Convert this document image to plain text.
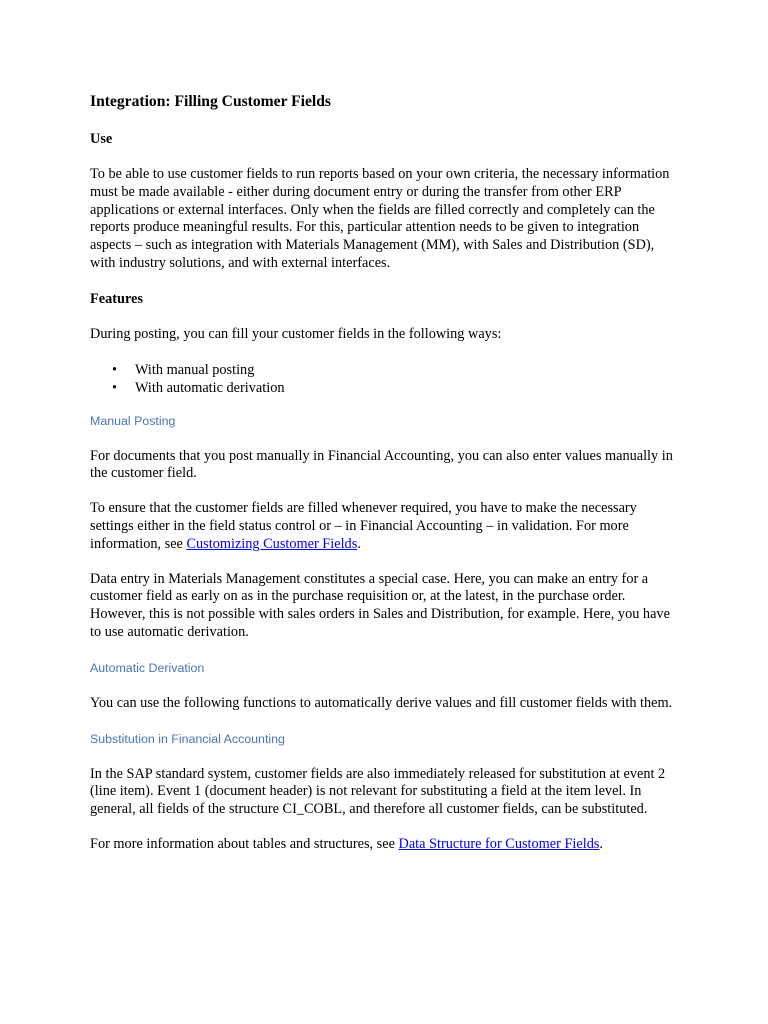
Integration: Filling Customer Fields
Use

To be able to use customer fields to run reports based on your own criteria, the necessary information must be made available - either during document entry or during the transfer from other ERP applications or external interfaces. Only when the fields are filled correctly and completely can the reports produce meaningful results. For this, particular attention needs to be given to integration aspects – such as integration with Materials Management (MM), with Sales and Distribution (SD), with industry solutions, and with external interfaces.

Features

During posting, you can fill your customer fields in the following ways:

• With manual posting
• With automatic derivation
Manual Posting

For documents that you post manually in Financial Accounting, you can also enter values manually in the customer field.

To ensure that the customer fields are filled whenever required, you have to make the necessary settings either in the field status control or – in Financial Accounting – in validation. For more information, see Customizing Customer Fields.

Data entry in Materials Management constitutes a special case. Here, you can make an entry for a customer field as early on as in the purchase requisition or, at the latest, in the purchase order. However, this is not possible with sales orders in Sales and Distribution, for example. Here, you have to use automatic derivation.

Automatic Derivation

You can use the following functions to automatically derive values and fill customer fields with them.

Substitution in Financial Accounting

In the SAP standard system, customer fields are also immediately released for substitution at event 2 (line item). Event 1 (document header) is not relevant for substituting a field at the item level. In general, all fields of the structure CI_COBL, and therefore all customer fields, can be substituted.

For more information about tables and structures, see Data Structure for Customer Fields.
